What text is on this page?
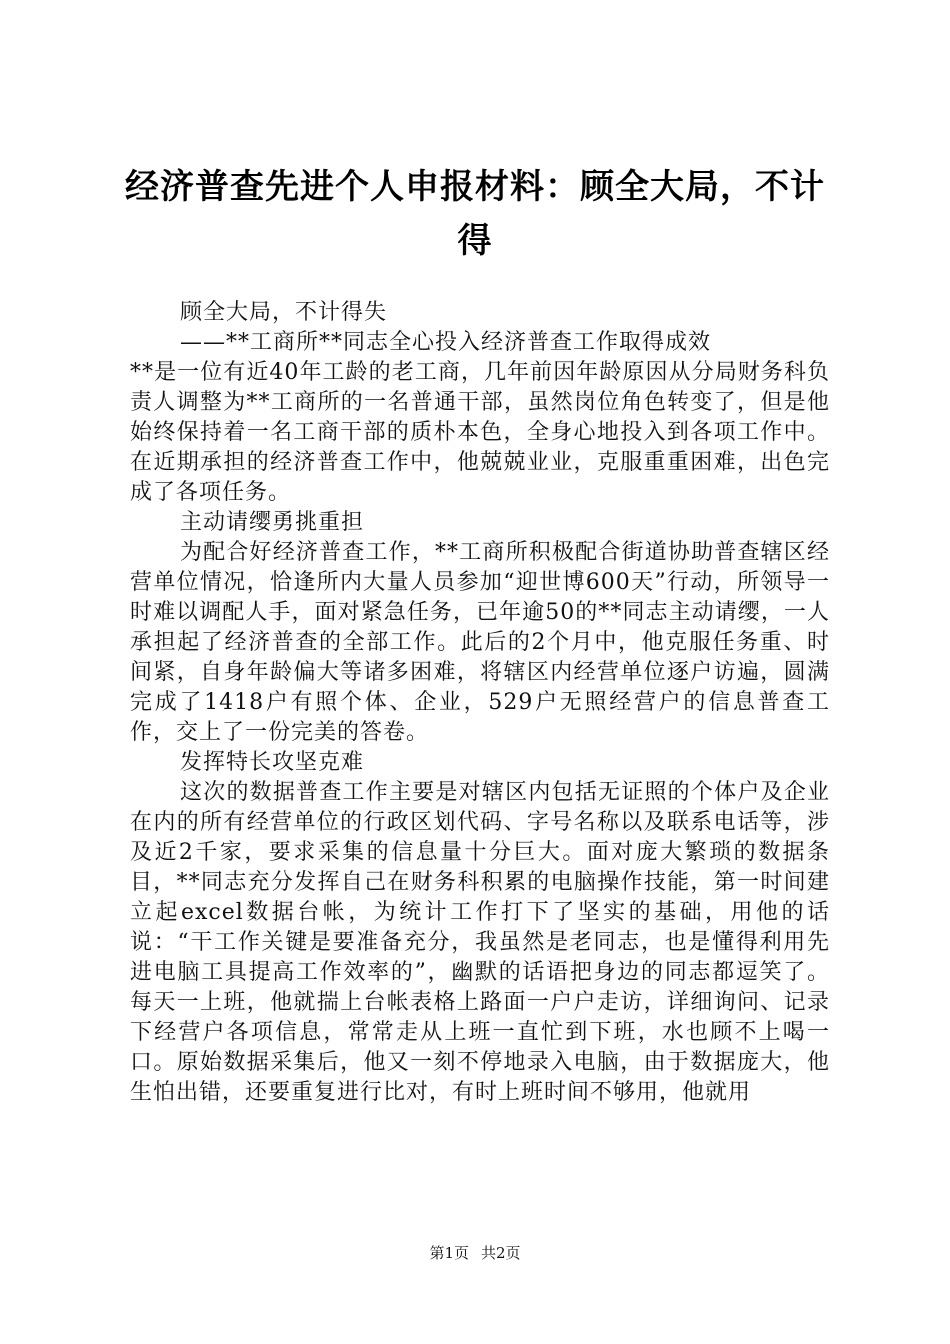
经济普查先进个人申报材料：顾全大局，不计得

顾全大局，不计得失

——**工商所**同志全心投入经济普查工作取得成效

**是一位有近40年工龄的老工商，几年前因年龄原因从分局财务科负责人调整为**工商所的一名普通干部，虽然岗位角色转变了，但是他始终保持着一名工商干部的质朴本色，全身心地投入到各项工作中。在近期承担的经济普查工作中，他兢兢业业，克服重重困难，出色完成了各项任务。

主动请缨勇挑重担

为配合好经济普查工作，**工商所积极配合街道协助普查辖区经营单位情况，恰逢所内大量人员参加“迎世博600天”行动，所领导一时难以调配人手，面对紧急任务，已年逾50的**同志主动请缨，一人承担起了经济普查的全部工作。此后的2个月中，他克服任务重、时间紧，自身年龄偏大等诸多困难，将辖区内经营单位逐户访遍，圆满完成了1418户有照个体、企业，529户无照经营户的信息普查工作，交上了一份完美的答卷。

发挥特长攻坚克难

这次的数据普查工作主要是对辖区内包括无证照的个体户及企业在内的所有经营单位的行政区划代码、字号名称以及联系电话等，涉及近2千家，要求采集的信息量十分巨大。面对庞大繁琐的数据条目，**同志充分发挥自己在财务科积累的电脑操作技能，第一时间建立起excel数据台帐，为统计工作打下了坚实的基础，用他的话说：“干工作关键是要准备充分，我虽然是老同志，也是懂得利用先进电脑工具提高工作效率的”，幽默的话语把身边的同志都逗笑了。每天一上班，他就揣上台帐表格上路面一户户走访，详细询问、记录下经营户各项信息，常常走从上班一直忙到下班，水也顾不上喝一口。原始数据采集后，他又一刻不停地录入电脑，由于数据庞大，他生怕出错，还要重复进行比对，有时上班时间不够用，他就用

第1页 共2页
